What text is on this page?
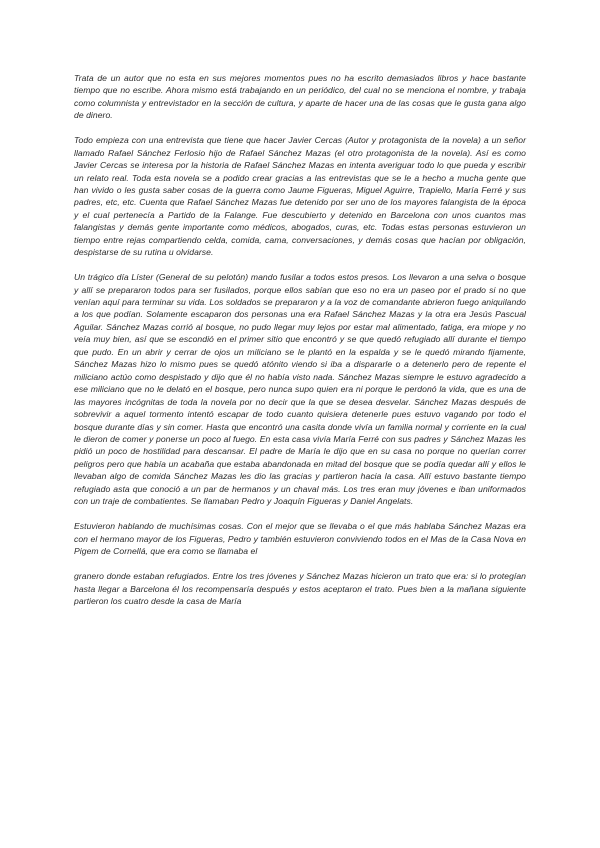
Trata de un autor que no esta en sus mejores momentos pues no ha escrito demasiados libros y hace bastante tiempo que no escribe. Ahora mismo está trabajando en un periódico, del cual no se menciona el nombre, y trabaja como columnista y entrevistador en la sección de cultura, y aparte de hacer una de las cosas que le gusta gana algo de dinero.

Todo empieza con una entrevista que tiene que hacer Javier Cercas (Autor y protagonista de la novela) a un señor llamado Rafael Sánchez Ferlosio hijo de Rafael Sánchez Mazas (el otro protagonista de la novela). Así es como Javier Cercas se interesa por la historia de Rafael Sánchez Mazas en intenta averiguar todo lo que pueda y escribir un relato real. Toda esta novela se a podido crear gracias a las entrevistas que se le a hecho a mucha gente que han vivido o les gusta saber cosas de la guerra como Jaume Figueras, Miguel Aguirre, Trapiello, María Ferré y sus padres, etc, etc. Cuenta que Rafael Sánchez Mazas fue detenido por ser uno de los mayores falangista de la época y el cual pertenecía a Partido de la Falange. Fue descubierto y detenido en Barcelona con unos cuantos mas falangistas y demás gente importante como médicos, abogados, curas, etc. Todas estas personas estuvieron un tiempo entre rejas compartiendo celda, comida, cama, conversaciones, y demás cosas que hacían por obligación, despistarse de su rutina u olvidarse.

Un trágico día Líster (General de su pelotón) mando fusilar a todos estos presos. Los llevaron a una selva o bosque y allí se prepararon todos para ser fusilados, porque ellos sabían que eso no era un paseo por el prado si no que venían aquí para terminar su vida. Los soldados se prepararon y a la voz de comandante abrieron fuego aniquilando a los que podían. Solamente escaparon dos personas una era Rafael Sánchez Mazas y la otra era Jesús Pascual Aguilar. Sánchez Mazas corrió al bosque, no pudo llegar muy lejos por estar mal alimentado, fatiga, era miope y no veía muy bien, así que se escondió en el primer sitio que encontró y se que quedó refugiado allí durante el tiempo que pudo. En un abrir y cerrar de ojos un miliciano se le plantó en la espalda y se le quedó mirando fijamente, Sánchez Mazas hizo lo mismo pues se quedó atónito viendo si iba a dispararle o a detenerlo pero de repente el miliciano actúo como despistado y dijo que él no había visto nada. Sánchez Mazas siempre le estuvo agradecido a ese miliciano que no le delató en el bosque, pero nunca supo quien era ni porque le perdonó la vida, que es una de las mayores incógnitas de toda la novela por no decir que la que se desea desvelar. Sánchez Mazas después de sobrevivir a aquel tormento intentó escapar de todo cuanto quisiera detenerle pues estuvo vagando por todo el bosque durante días y sin comer. Hasta que encontró una casita donde vivía un familia normal y corriente en la cual le dieron de comer y ponerse un poco al fuego. En esta casa vivía María Ferré con sus padres y Sánchez Mazas les pidió un poco de hostilidad para descansar. El padre de María le dijo que en su casa no porque no querían correr peligros pero que había un acabaña que estaba abandonada en mitad del bosque que se podía quedar allí y ellos le llevaban algo de comida Sánchez Mazas les dio las gracias y partieron hacia la casa. Allí estuvo bastante tiempo refugiado asta que conoció a un par de hermanos y un chaval más. Los tres eran muy jóvenes e iban uniformados con un traje de combatientes. Se llamaban Pedro y Joaquín Figueras y Daniel Angelats.

Estuvieron hablando de muchísimas cosas. Con el mejor que se llevaba o el que más hablaba Sánchez Mazas era con el hermano mayor de los Figueras, Pedro y también estuvieron conviviendo todos en el Mas de la Casa Nova en Pigem de Cornellá, que era como se llamaba el

granero donde estaban refugiados. Entre los tres jóvenes y Sánchez Mazas hicieron un trato que era: si lo protegían hasta llegar a Barcelona él los recompensaría después y estos aceptaron el trato. Pues bien a la mañana siguiente partieron los cuatro desde la casa de María
